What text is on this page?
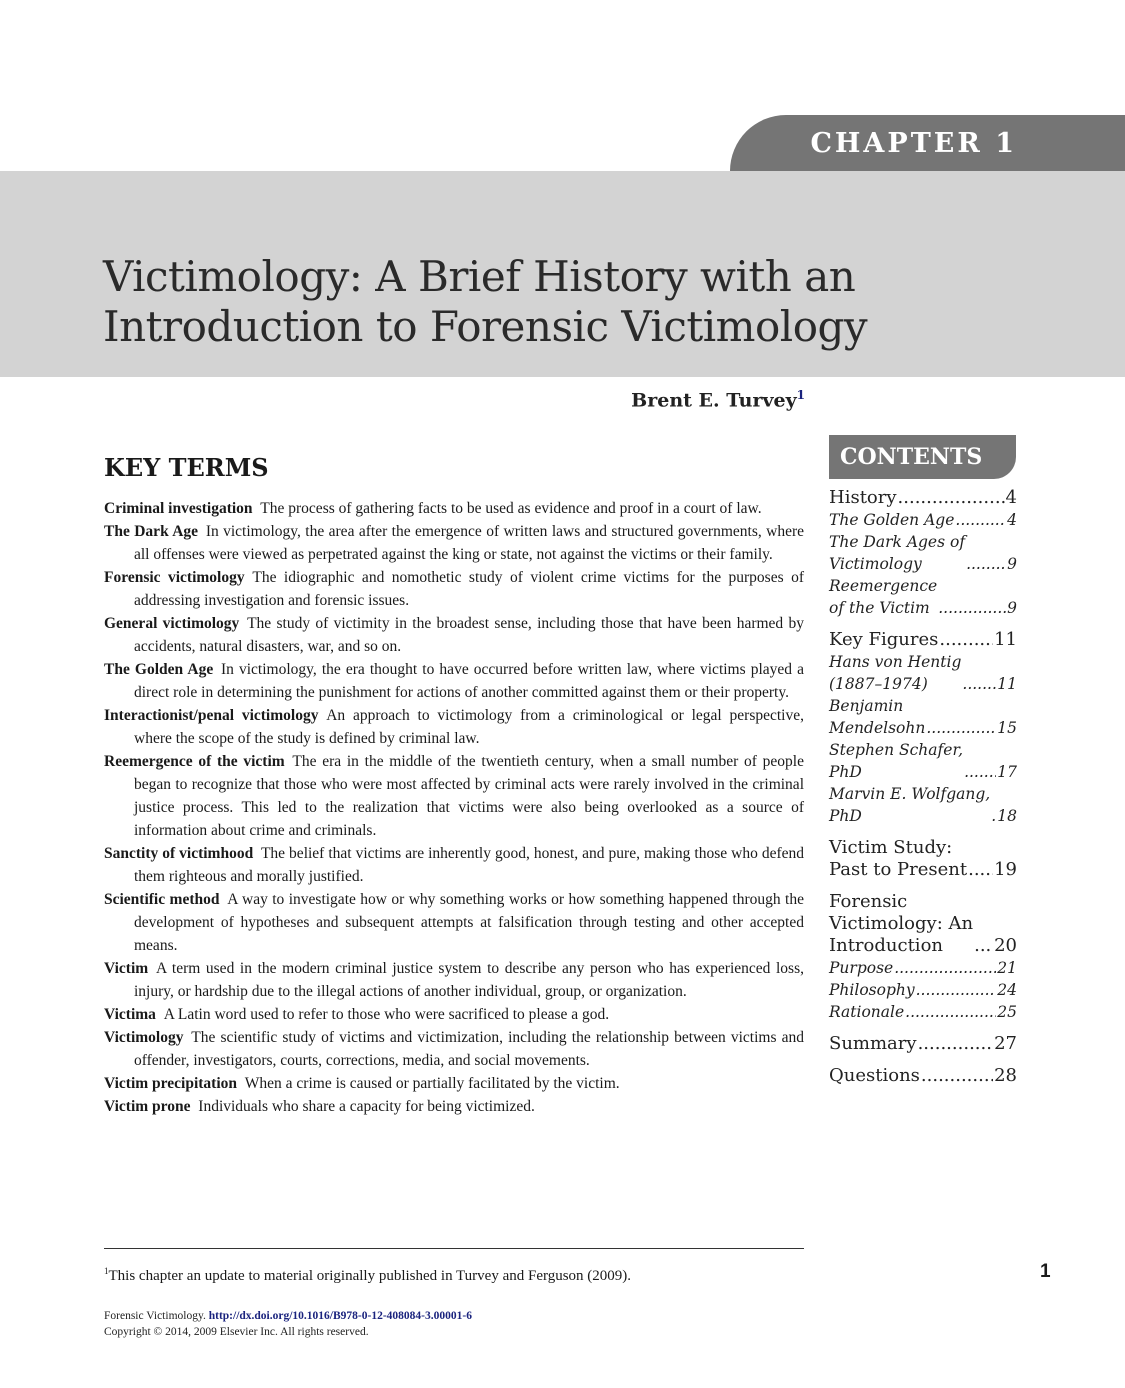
CHAPTER 1
Victimology: A Brief History with an
Introduction to Forensic Victimology
Brent E. Turvey$^1$
KEY TERMS

Criminal investigation  The process of gathering facts to be used as evidence and proof in a court of law.

The Dark Age  In victimology, the area after the emergence of written laws and structured governments, where all offenses were viewed as perpetrated against the king or state, not against the victims or their family.

Forensic victimology  The idiographic and nomothetic study of violent crime victims for the purposes of addressing investigation and forensic issues.

General victimology  The study of victimity in the broadest sense, including those that have been harmed by accidents, natural disasters, war, and so on.

The Golden Age  In victimology, the era thought to have occurred before written law, where victims played a direct role in determining the punishment for actions of another committed against them or their property.

Interactionist/penal victimology  An approach to victimology from a criminological or legal perspective, where the scope of the study is defined by criminal law.

Reemergence of the victim  The era in the middle of the twentieth century, when a small number of people began to recognize that those who were most affected by criminal acts were rarely involved in the criminal justice process. This led to the realization that victims were also being overlooked as a source of information about crime and criminals.

Sanctity of victimhood  The belief that victims are inherently good, honest, and pure, making those who defend them righteous and morally justified.

Scientific method  A way to investigate how or why something works or how something happened through the development of hypotheses and subsequent attempts at falsification through testing and other accepted means.

Victim  A term used in the modern criminal justice system to describe any person who has experienced loss, injury, or hardship due to the illegal actions of another individual, group, or organization.

Victima  A Latin word used to refer to those who were sacrificed to please a god.

Victimology  The scientific study of victims and victimization, including the relationship between victims and offender, investigators, courts, corrections, media, and social movements.

Victim precipitation  When a crime is caused or partially facilitated by the victim.

Victim prone  Individuals who share a capacity for being victimized.

CONTENTS
History .....	4
The Golden Age .....	4
The Dark Ages of
Victimology .....	9
Reemergence
of the Victim .....	9
Key Figures .....	11
Hans von Hentig
(1887–1974) .....	11
Benjamin
Mendelsohn .....	15
Stephen Schafer,
PhD .....	17
Marvin E. Wolfgang,
PhD .....	18
Victim Study:
Past to Present ..... 19
Forensic
Victimology: An
Introduction .....	20
Purpose .....	21
Philosophy .....	24
Rationale .....	25
Summary .....	27
Questions .....	28
$^1$This chapter an update to material originally published in Turvey and Ferguson (2009).	1
Forensic Victimology. http://dx.doi.org/10.1016/B978-0-12-408084-3.00001-6
Copyright © 2014, 2009 Elsevier Inc. All rights reserved.
